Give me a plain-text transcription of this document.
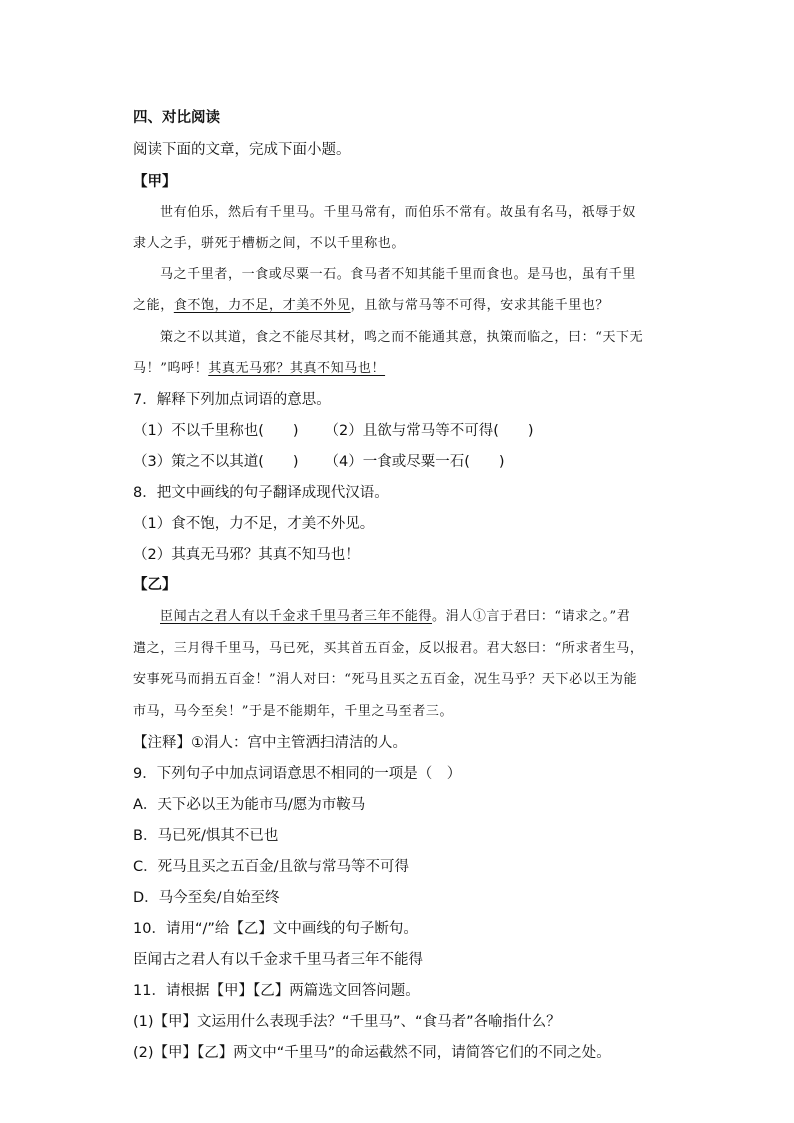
四、对比阅读
阅读下面的文章，完成下面小题。
【甲】
世有伯乐，然后有千里马。千里马常有，而伯乐不常有。故虽有名马，祇辱于奴
隶人之手，骈死于槽枥之间，不以千里称也。
马之千里者，一食或尽粟一石。食马者不知其能千里而食也。是马也，虽有千里
之能，食不饱，力不足，才美不外见，且欲与常马等不可得，安求其能千里也？
策之不以其道，食之不能尽其材，鸣之而不能通其意，执策而临之，曰：“天下无
马！”呜呼！其真无马邪？其真不知马也！
7．解释下列加点词语的意思。
（1）不以千里称也(　　) （2）且欲与常马等不可得(　　)
（3）策之不以其道(　　) （4）一食或尽粟一石(　　)
8．把文中画线的句子翻译成现代汉语。
（1）食不饱，力不足，才美不外见。
（2）其真无马邪？其真不知马也！
【乙】
臣闻古之君人有以千金求千里马者三年不能得。涓人①言于君曰：“请求之。”君
遣之，三月得千里马，马已死，买其首五百金，反以报君。君大怒曰：“所求者生马，
安事死马而捐五百金！”涓人对曰：“死马且买之五百金，况生马乎？天下必以王为能
市马，马今至矣！”于是不能期年，千里之马至者三。
【注释】①涓人：宫中主管洒扫清洁的人。
9．下列句子中加点词语意思不相同的一项是（　）
A．天下必以王为能市马/愿为市鞍马
B．马已死/惧其不已也
C．死马且买之五百金/且欲与常马等不可得
D．马今至矣/自始至终
10．请用“/”给【乙】文中画线的句子断句。
臣闻古之君人有以千金求千里马者三年不能得
11．请根据【甲】【乙】两篇选文回答问题。
(1)【甲】文运用什么表现手法？“千里马”、“食马者”各喻指什么？
(2)【甲】【乙】两文中“千里马”的命运截然不同，请简答它们的不同之处。
